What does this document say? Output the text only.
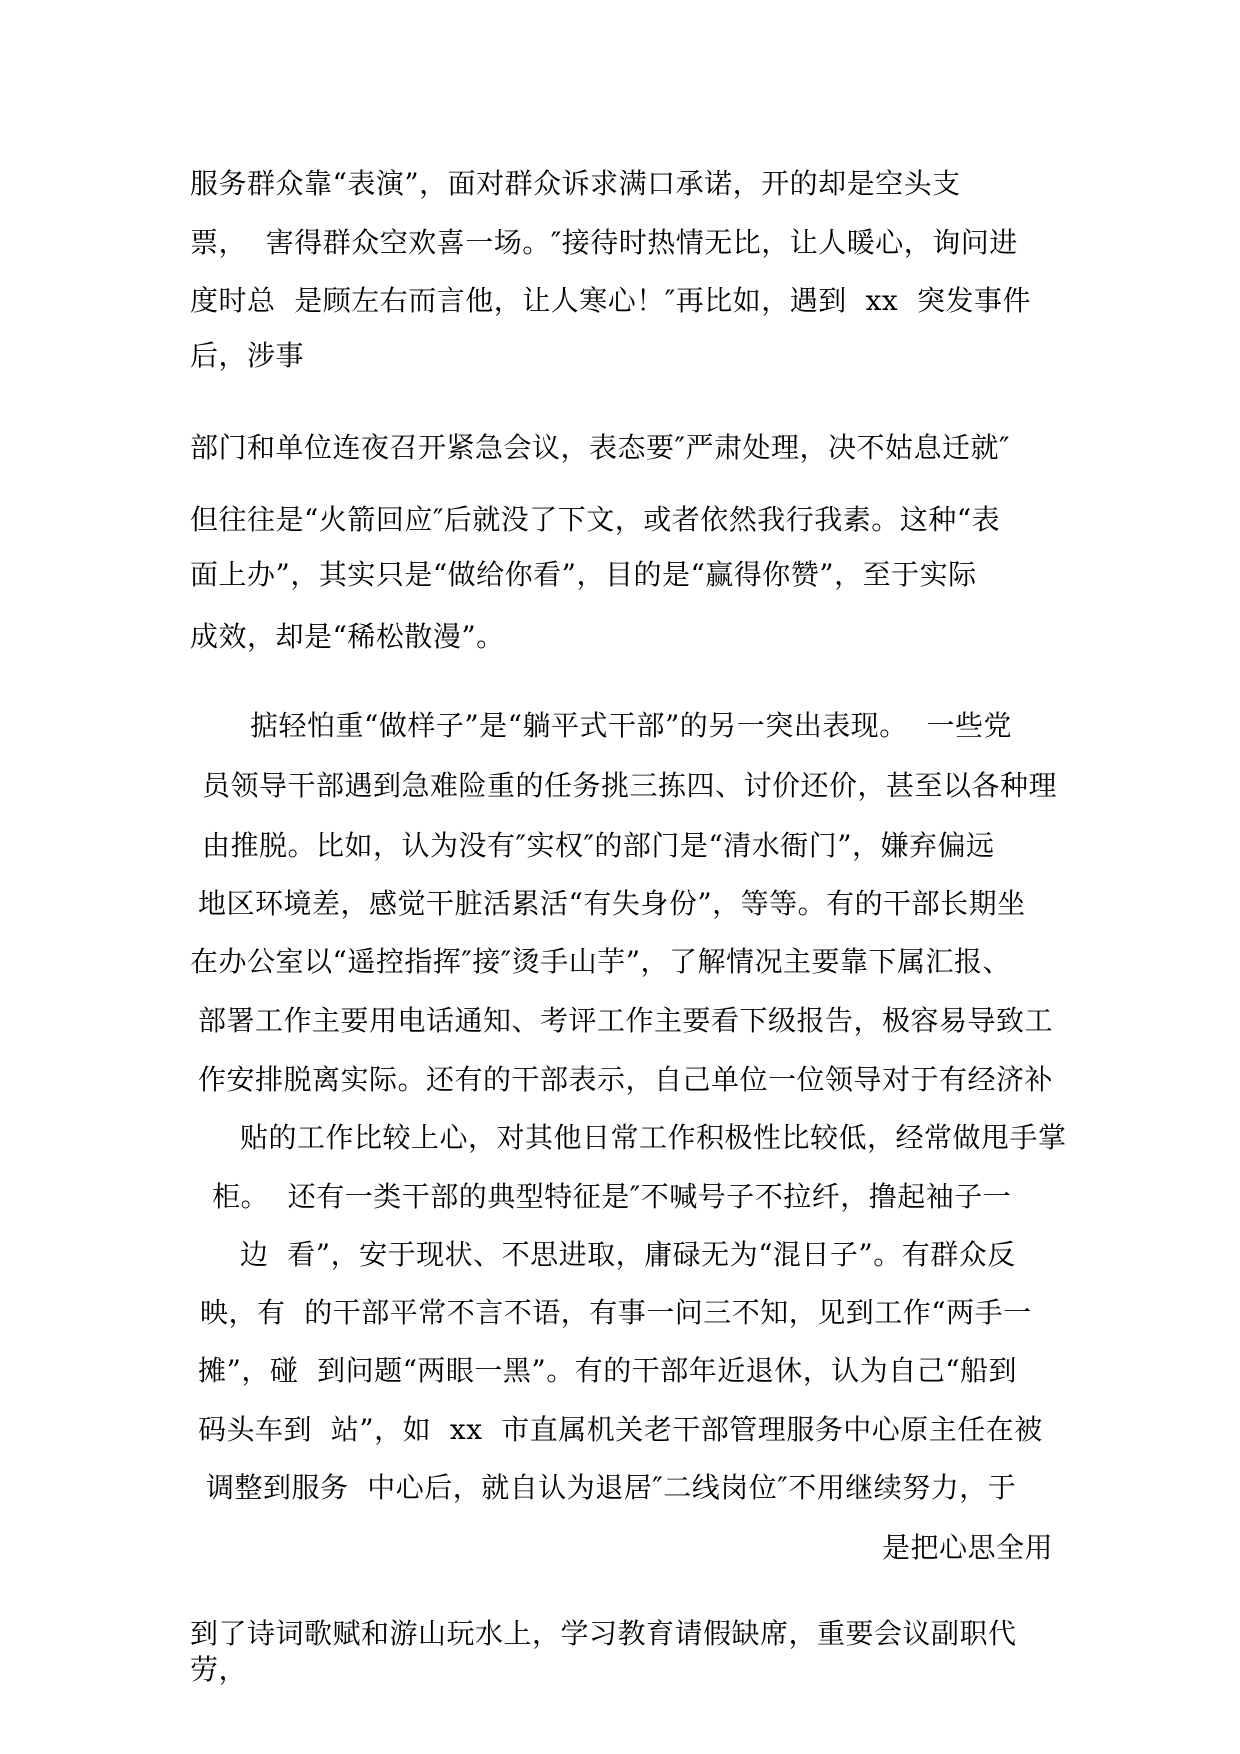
服务群众靠“表演”，面对群众诉求满口承诺，开的却是空头支
票，  害得群众空欢喜一场。″接待时热情无比，让人暖心，询问进
度时总  是顾左右而言他，让人寒心！″再比如，遇到  xx  突发事件
后，涉事
部门和单位连夜召开紧急会议，表态要″严肃处理，决不姑息迁就″
但往往是“火箭回应″后就没了下文，或者依然我行我素。这种“表
面上办”，其实只是“做给你看”，目的是“赢得你赞”，至于实际
成效，却是“稀松散漫”。
掂轻怕重“做样子”是“躺平式干部”的另一突出表现。  一些党
员领导干部遇到急难险重的任务挑三拣四、讨价还价，甚至以各种理
由推脱。比如，认为没有″实权″的部门是“清水衙门”，嫌弃偏远
地区环境差，感觉干脏活累活“有失身份”，等等。有的干部长期坐
在办公室以“遥控指挥″接″烫手山芋”，了解情况主要靠下属汇报、
部署工作主要用电话通知、考评工作主要看下级报告，极容易导致工
作安排脱离实际。还有的干部表示，自己单位一位领导对于有经济补
贴的工作比较上心，对其他日常工作积极性比较低，经常做甩手掌
柜。  还有一类干部的典型特征是″不喊号子不拉纤，撸起袖子一
边  看”，安于现状、不思进取，庸碌无为“混日子”。有群众反
映，有  的干部平常不言不语，有事一问三不知，见到工作“两手一
摊”，碰  到问题“两眼一黑”。有的干部年近退休，认为自己“船到
码头车到  站”，如  xx  市直属机关老干部管理服务中心原主任在被
调整到服务  中心后，就自认为退居″二线岗位″不用继续努力，于
是把心思全用
到了诗词歌赋和游山玩水上，学习教育请假缺席，重要会议副职代
劳，
